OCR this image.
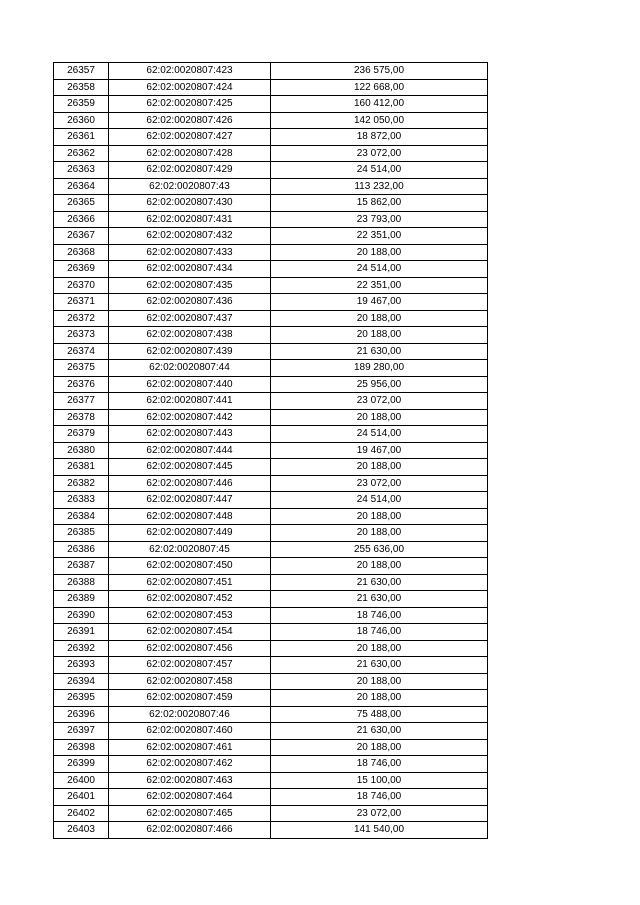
26357	62:02:0020807:423	236 575,00
26358	62:02:0020807:424	122 668,00
26359	62:02:0020807:425	160 412,00
26360	62:02:0020807:426	142 050,00
26361	62:02:0020807:427	18 872,00
26362	62:02:0020807:428	23 072,00
26363	62:02:0020807:429	24 514,00
26364	62:02:0020807:43	113 232,00
26365	62:02:0020807:430	15 862,00
26366	62:02:0020807:431	23 793,00
26367	62:02:0020807:432	22 351,00
26368	62:02:0020807:433	20 188,00
26369	62:02:0020807:434	24 514,00
26370	62:02:0020807:435	22 351,00
26371	62:02:0020807:436	19 467,00
26372	62:02:0020807:437	20 188,00
26373	62:02:0020807:438	20 188,00
26374	62:02:0020807:439	21 630,00
26375	62:02:0020807:44	189 280,00
26376	62:02:0020807:440	25 956,00
26377	62:02:0020807:441	23 072,00
26378	62:02:0020807:442	20 188,00
26379	62:02:0020807:443	24 514,00
26380	62:02:0020807:444	19 467,00
26381	62:02:0020807:445	20 188,00
26382	62:02:0020807:446	23 072,00
26383	62:02:0020807:447	24 514,00
26384	62:02:0020807:448	20 188,00
26385	62:02:0020807:449	20 188,00
26386	62:02:0020807:45	255 636,00
26387	62:02:0020807:450	20 188,00
26388	62:02:0020807:451	21 630,00
26389	62:02:0020807:452	21 630,00
26390	62:02:0020807:453	18 746,00
26391	62:02:0020807:454	18 746,00
26392	62:02:0020807:456	20 188,00
26393	62:02:0020807:457	21 630,00
26394	62:02:0020807:458	20 188,00
26395	62:02:0020807:459	20 188,00
26396	62:02:0020807:46	75 488,00
26397	62:02:0020807:460	21 630,00
26398	62:02:0020807:461	20 188,00
26399	62:02:0020807:462	18 746,00
26400	62:02:0020807:463	15 100,00
26401	62:02:0020807:464	18 746,00
26402	62:02:0020807:465	23 072,00
26403	62:02:0020807:466	141 540,00
